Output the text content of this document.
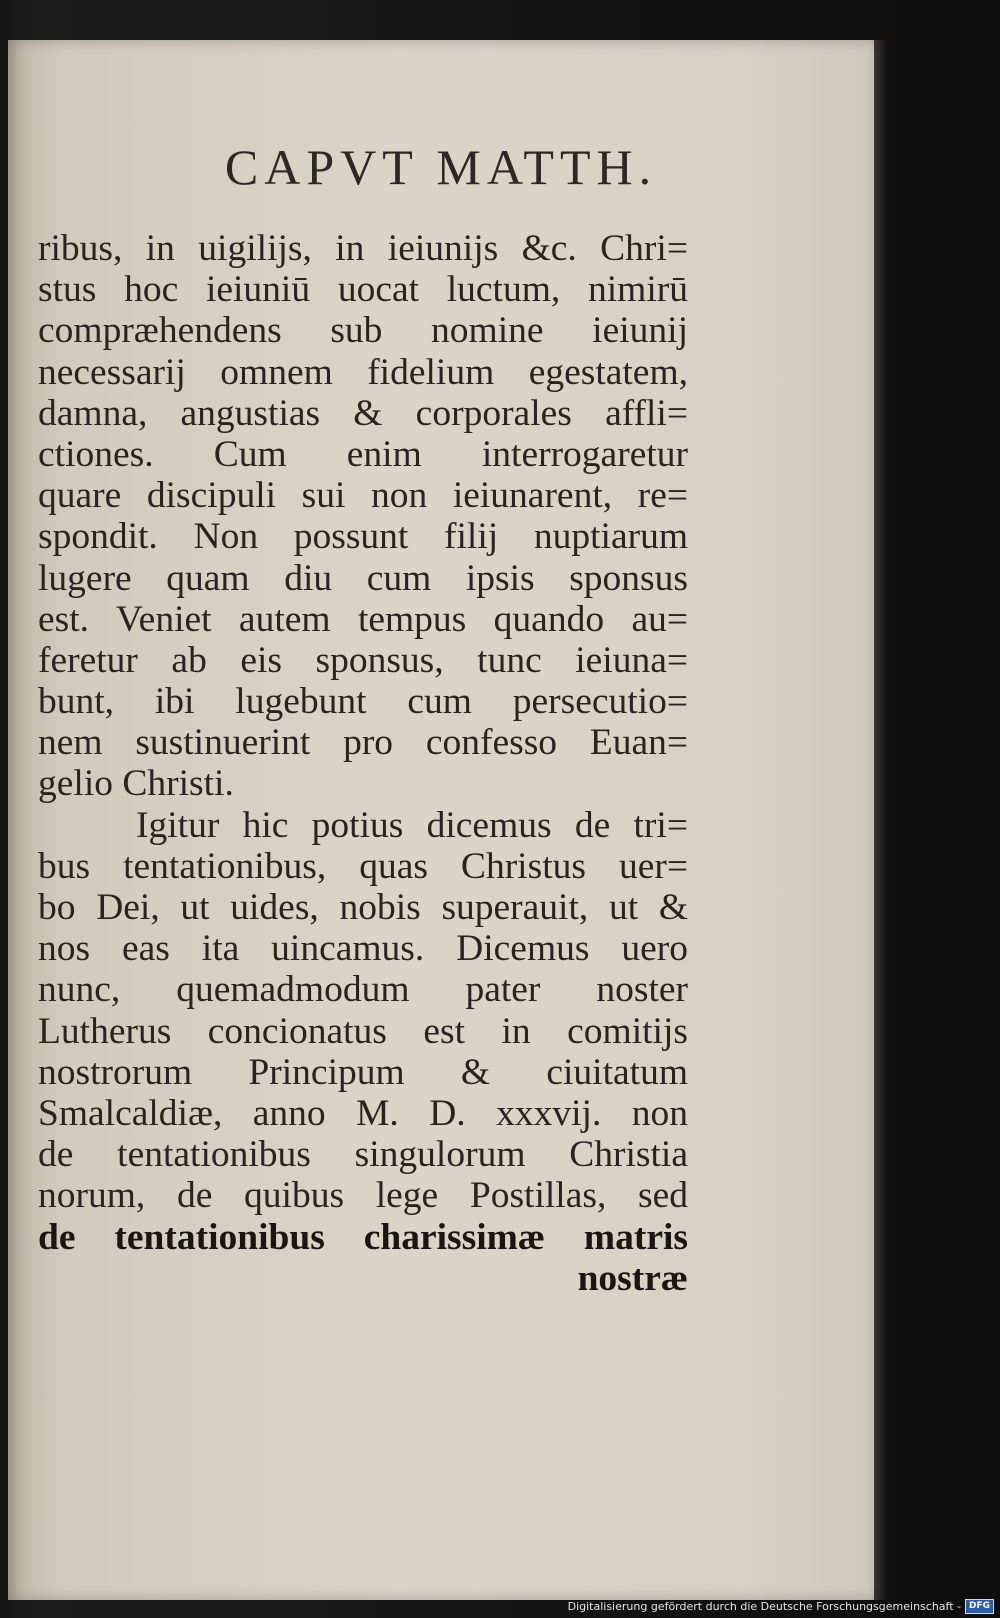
CAPVT MATTH.
ribus, in uigilijs, in ieiunijs &c. Chri=
stus hoc ieiuniū uocat luctum, nimirū
compræhendens sub nomine ieiunij
necessarij omnem fidelium egestatem,
damna, angustias & corporales affli=
ctiones. Cum enim interrogaretur
quare discipuli sui non ieiunarent, re=
spondit. Non possunt filij nuptiarum
lugere quam diu cum ipsis sponsus
est. Veniet autem tempus quando au=
feretur ab eis sponsus, tunc ieiuna=
bunt, ibi lugebunt cum persecutio=
nem sustinuerint pro confesso Euan=
gelio Christi.
Igitur hic potius dicemus de tri=
bus tentationibus, quas Christus uer=
bo Dei, ut uides, nobis superauit, ut &
nos eas ita uincamus. Dicemus uero
nunc, quemadmodum pater noster
Lutherus concionatus est in comitijs
nostrorum Principum & ciuitatum
Smalcaldiæ, anno M. D. xxxvij. non
de tentationibus singulorum Christia
norum, de quibus lege Postillas, sed
de tentationibus charissimæ matris
nostræ
Digitalisierung gefördert durch die Deutsche Forschungsgemeinschaft - DFG
